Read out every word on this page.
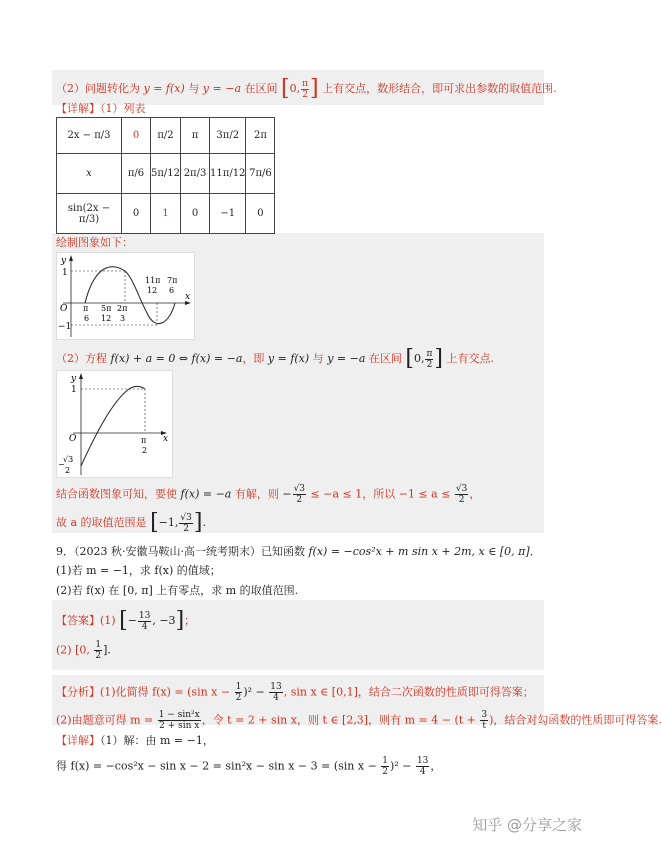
（2）问题转化为 y = f(x) 与 y = −a 在区间 [0, $\frac{\pi}{2}$ ] 上有交点，数形结合，即可求出参数的取值范围.
【详解】（1）列表
2x − π/3	0	π/2	π	3π/2	2π
x	π/6	5π/12	2π/3	11π/12	7π/6
sin(2x − π/3)	0	1	0	−1	0
绘制图象如下：
y
1
O
−1
x
π
6
5π
12
2π
3
11π
12
7π
6
（2）方程 f(x) + a = 0 ⇔ f(x) = −a，即 y = f(x) 与 y = −a 在区间 [0, $\frac{\pi}{2}$ ] 上有交点.
y
1
O	x
π
2
−
√3
2
结合函数图象可知，要使 f(x) = −a 有解，则 − $\frac{√3}{2} \le -a \le 1$，所以 $-1 \le a \le \frac{√3}{2}$ ，
故 a 的取值范围是 [−1, $\frac{√3}{2}$ ].
9．（2023 秋·安徽马鞍山·高一统考期末）已知函数 f(x) = −cos²x + m sin x + 2m, x ∈ [0, π]．
(1)若 m = −1，求 f(x) 的值域；
(2)若 f(x) 在 [0, π] 上有零点，求 m 的取值范围.
【答案】(1) [− $\frac{13}{4}$ , −3]；
(2) [0, $\frac{1}{2}$ ].
【分析】(1)化简得 f(x) = (sin $x - \frac{1}{2} )^2 - \frac{13}{4}$ , sin x ∈ [0,1]，结合二次函数的性质即可得答案；
(2)由题意可得 $m = \frac{\text{1 − sin²x}}{\text{2 + sin x}}$ ，令 t = 2 + sin x，则 t ∈ [2,3]，则有 $m = 4 - (t + \frac{3}{t}$ )，结合对勾函数的性质即可得答案.
【详解】（1）解：由 m = −1，
得 f(x) = −cos²x − sin x − 2 = sin²x − sin x − 3 = (sin $x - \frac{1}{2} )^2 - \frac{13}{4}$ ，
知乎 @分享之家
